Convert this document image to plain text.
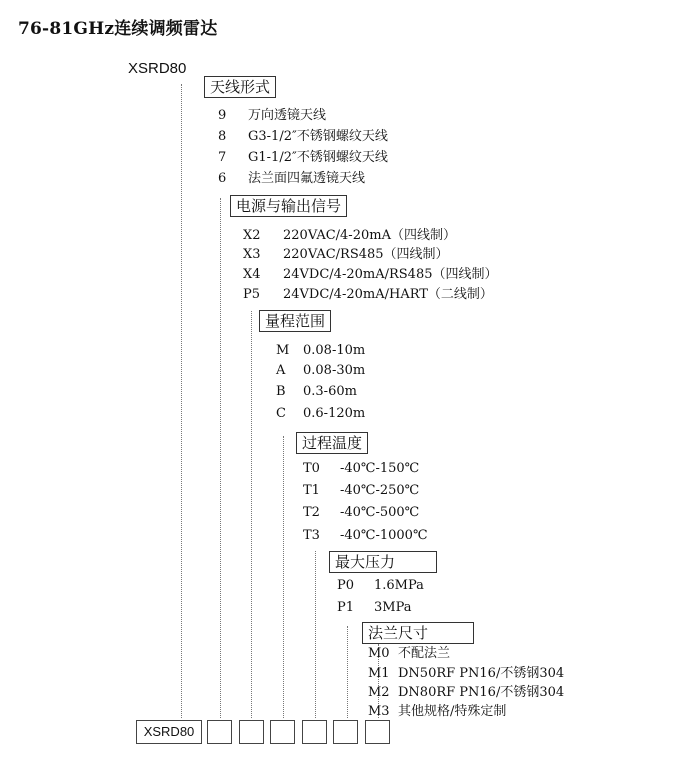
76-81GHz连续调频雷达
XSRD80
天线形式
9 万向透镜天线
8 G3-1/2″不锈钢螺纹天线
7 G1-1/2″不锈钢螺纹天线
6 法兰面四氟透镜天线
电源与输出信号
X2 220VAC/4-20mA（四线制）
X3 220VAC/RS485（四线制）
X4 24VDC/4-20mA/RS485（四线制）
P5 24VDC/4-20mA/HART（二线制）
量程范围
M 0.08-10m
A 0.08-30m
B 0.3-60m
C 0.6-120m
过程温度
T0 -40℃-150℃
T1 -40℃-250℃
T2 -40℃-500℃
T3 -40℃-1000℃
最大压力
P0 1.6MPa
P1 3MPa
法兰尺寸
M0 不配法兰
M1 DN50RF PN16/不锈钢304
M2 DN80RF PN16/不锈钢304
M3 其他规格/特殊定制
XSRD80
